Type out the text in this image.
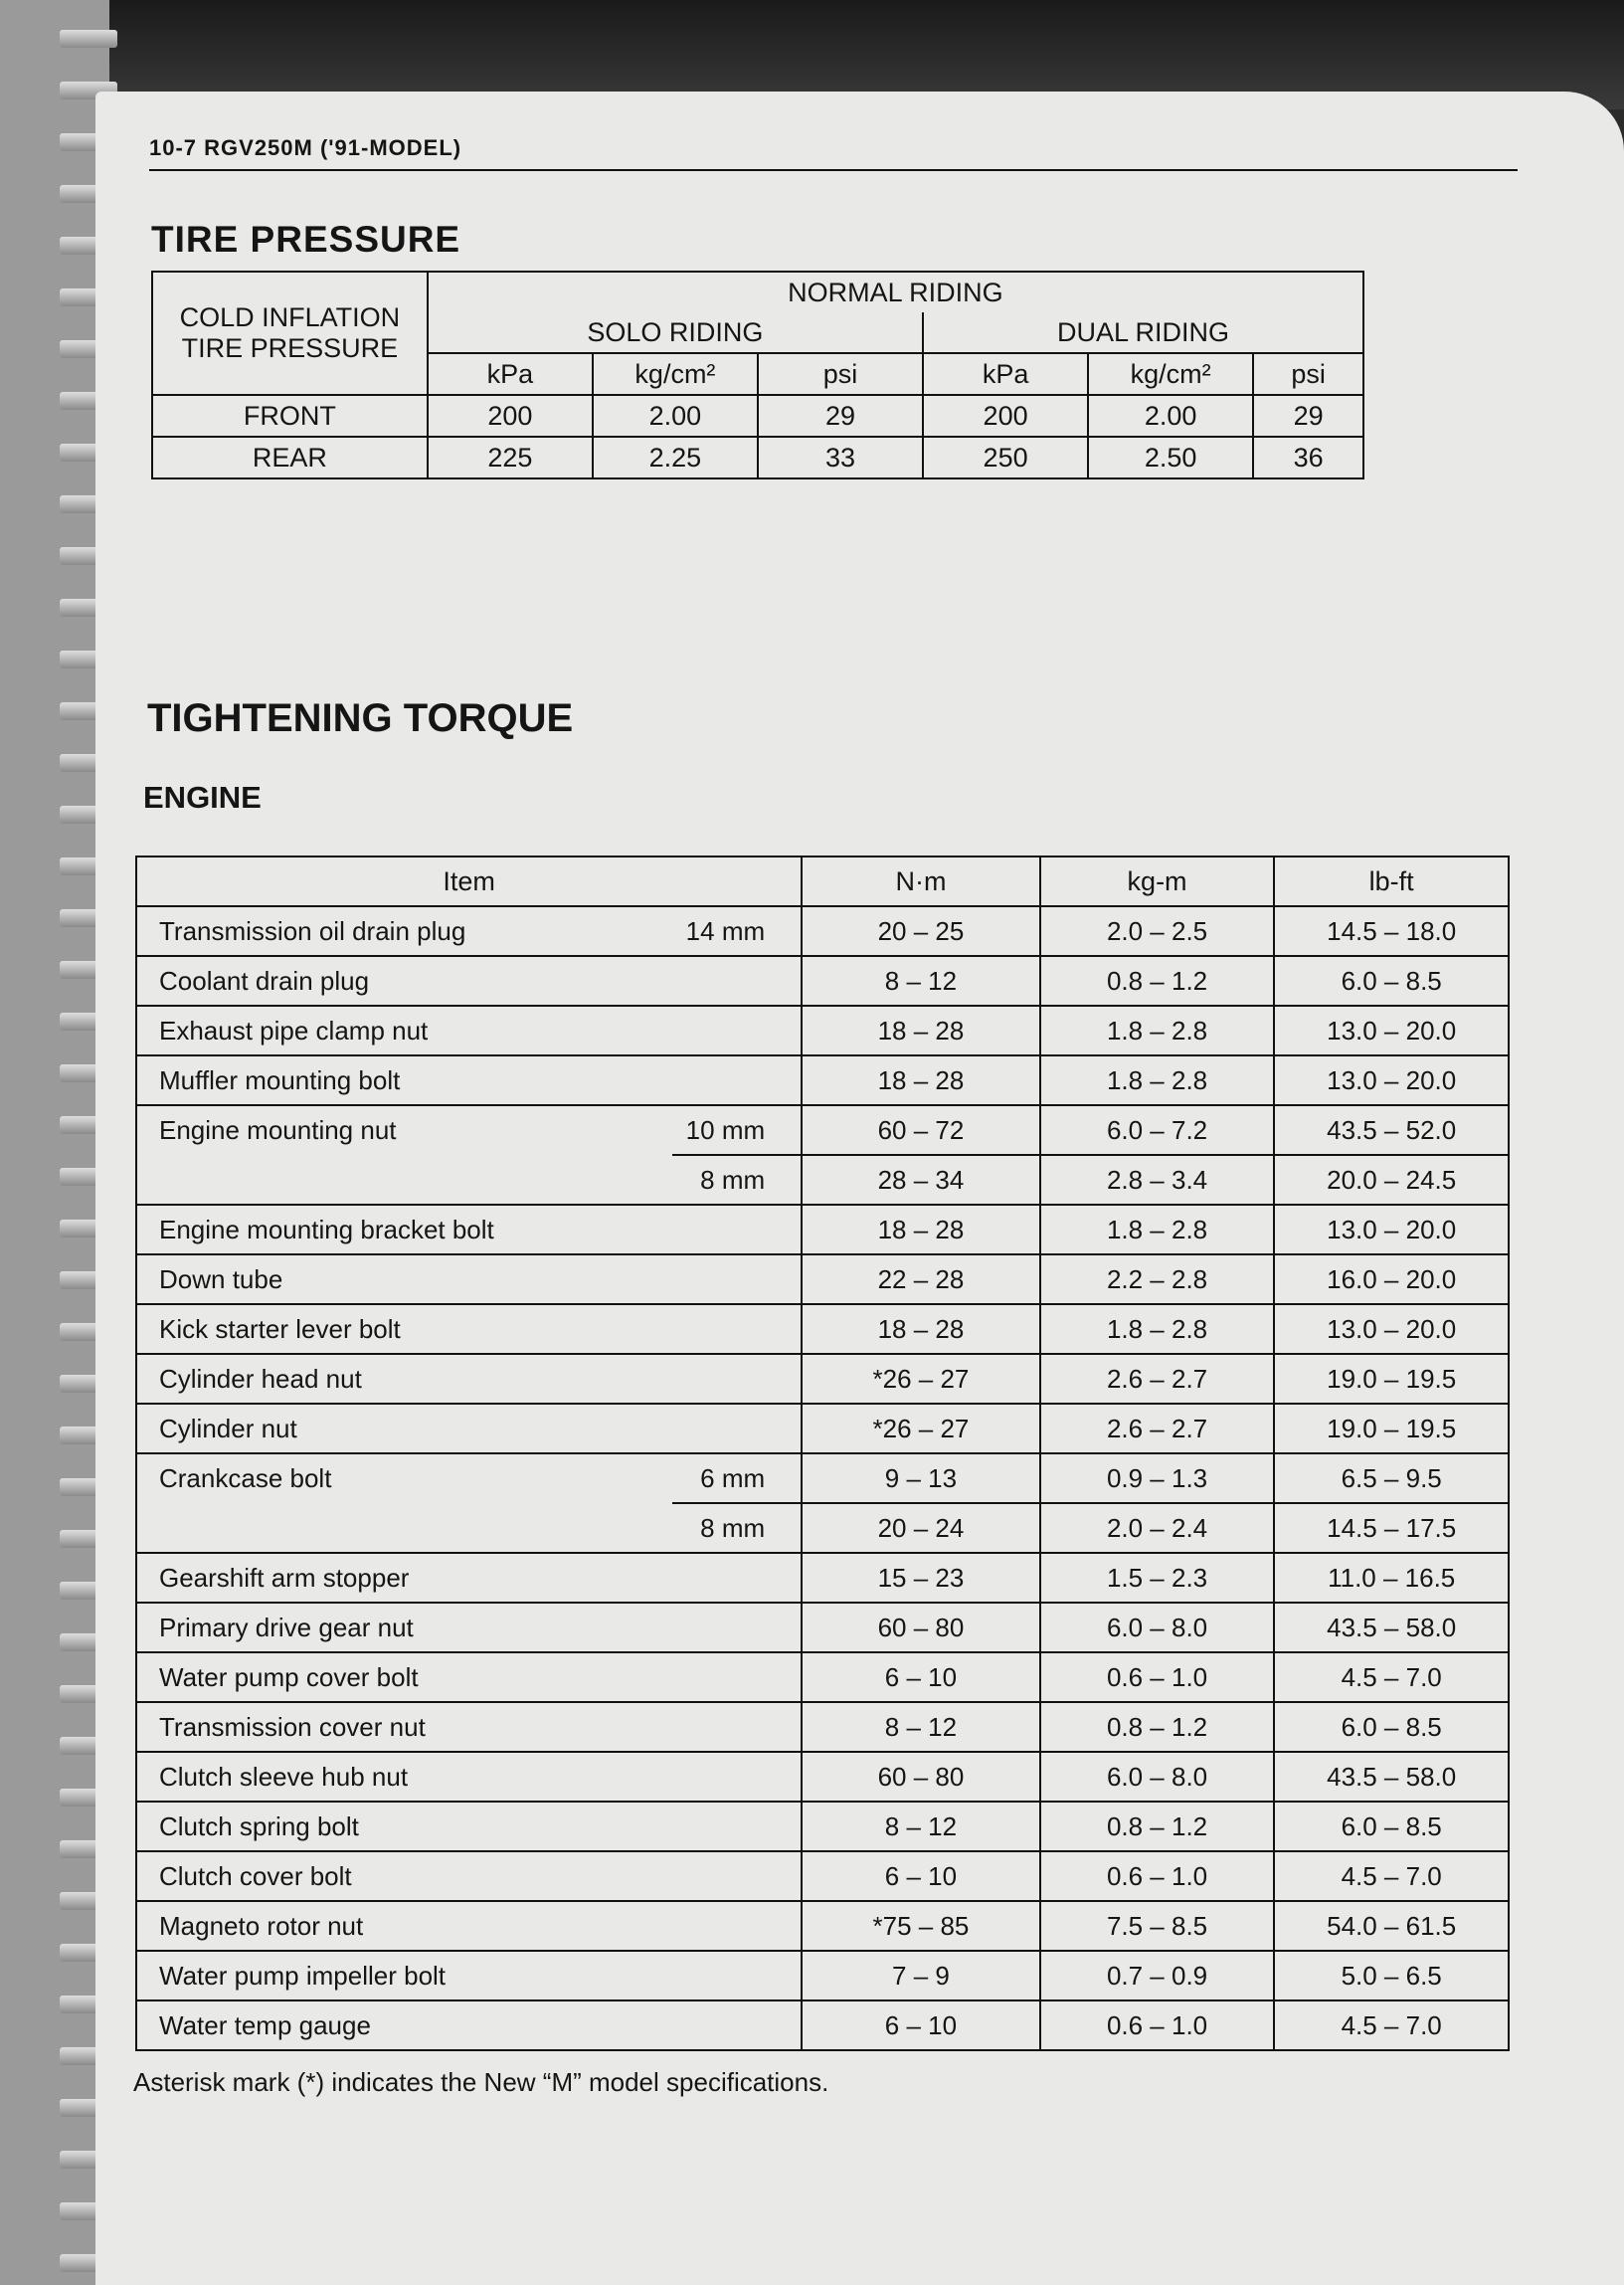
10-7 RGV250M ('91-MODEL)
TIRE PRESSURE
COLD INFLATION TIRE PRESSURE	NORMAL RIDING					
	SOLO RIDING			DUAL RIDING		
	kPa	kg/cm²	psi	kPa	kg/cm²	psi
FRONT	200	2.00	29	200	2.00	29
REAR	225	2.25	33	250	2.50	36
TIGHTENING TORQUE
ENGINE
Item		N·m	kg-m	lb-ft
Transmission oil drain plug	14 mm	20 – 25	2.0 – 2.5	14.5 – 18.0
Coolant drain plug		8 – 12	0.8 – 1.2	6.0 – 8.5
Exhaust pipe clamp nut		18 – 28	1.8 – 2.8	13.0 – 20.0
Muffler mounting bolt		18 – 28	1.8 – 2.8	13.0 – 20.0
Engine mounting nut	10 mm	60 – 72	6.0 – 7.2	43.5 – 52.0
	8 mm	28 – 34	2.8 – 3.4	20.0 – 24.5
Engine mounting bracket bolt		18 – 28	1.8 – 2.8	13.0 – 20.0
Down tube		22 – 28	2.2 – 2.8	16.0 – 20.0
Kick starter lever bolt		18 – 28	1.8 – 2.8	13.0 – 20.0
Cylinder head nut		*26 – 27	2.6 – 2.7	19.0 – 19.5
Cylinder nut		*26 – 27	2.6 – 2.7	19.0 – 19.5
Crankcase bolt	6 mm	9 – 13	0.9 – 1.3	6.5 – 9.5
	8 mm	20 – 24	2.0 – 2.4	14.5 – 17.5
Gearshift arm stopper		15 – 23	1.5 – 2.3	11.0 – 16.5
Primary drive gear nut		60 – 80	6.0 – 8.0	43.5 – 58.0
Water pump cover bolt		6 – 10	0.6 – 1.0	4.5 – 7.0
Transmission cover nut		8 – 12	0.8 – 1.2	6.0 – 8.5
Clutch sleeve hub nut		60 – 80	6.0 – 8.0	43.5 – 58.0
Clutch spring bolt		8 – 12	0.8 – 1.2	6.0 – 8.5
Clutch cover bolt		6 – 10	0.6 – 1.0	4.5 – 7.0
Magneto rotor nut		*75 – 85	7.5 – 8.5	54.0 – 61.5
Water pump impeller bolt		7 – 9	0.7 – 0.9	5.0 – 6.5
Water temp gauge		6 – 10	0.6 – 1.0	4.5 – 7.0
Asterisk mark (*) indicates the New “M” model specifications.
